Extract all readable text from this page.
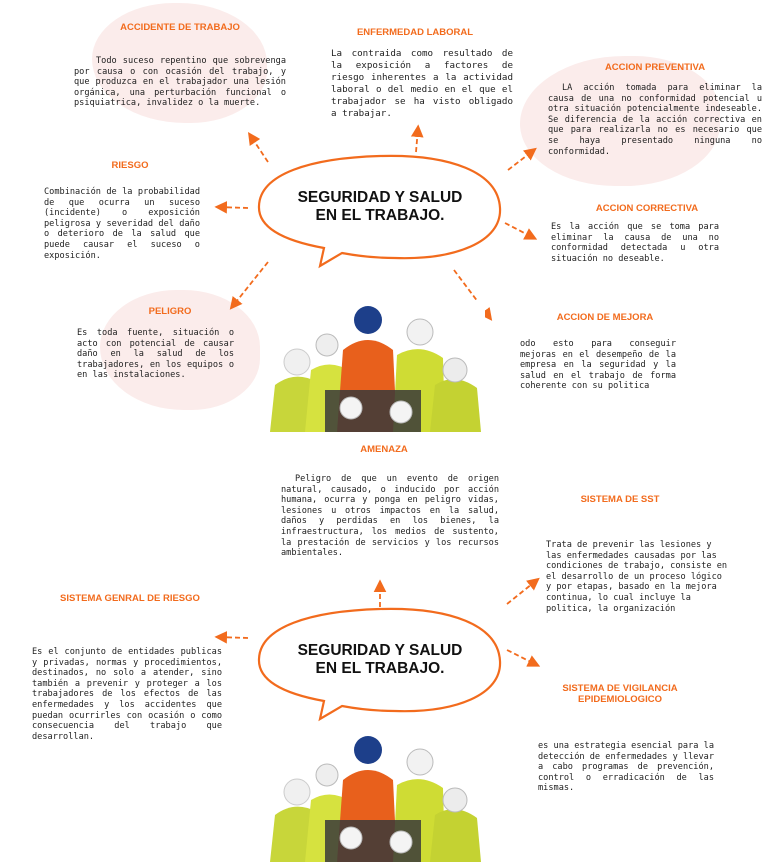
SEGURIDAD Y SALUD
EN EL TRABAJO.
ACCIDENTE DE TRABAJO

Todo suceso repentino que sobrevenga por causa o con ocasión del trabajo, y que produzca en el trabajador una lesión orgánica, una perturbación funcional o psiquiatrica, invalidez o la muerte.

ENFERMEDAD LABORAL

La contraida como resultado de la exposición a factores de riesgo inherentes a la actividad laboral o del medio en el que el trabajador se ha visto obligado a trabajar.

ACCION PREVENTIVA

LA acción tomada para eliminar la causa de una no conformidad potencial u otra situación potencialmente indeseable. Se diferencia de la acción correctiva en que para realizarla no es necesario que se haya presentado ninguna no conformidad.

RIESGO

Combinación de la probabilidad de que ocurra un suceso (incidente) o exposición peligrosa y severidad del daño o deterioro de la salud que puede causar el suceso o exposición.

ACCION CORRECTIVA

Es la acción que se toma para eliminar la causa de una no conformidad detectada u otra situación no deseable.

PELIGRO

Es toda fuente, situación o acto con potencial de causar daño en la salud de los trabajadores, en los equipos o en las instalaciones.

ACCION DE MEJORA

odo esto para conseguir mejoras en el desempeño de la empresa en la seguridad y la salud en el trabajo de forma coherente con su politica

AMENAZA

Peligro de que un evento de origen natural, causado, o inducido por acción humana, ocurra y ponga en peligro vidas, lesiones u otros impactos en la salud, daños y perdidas en los bienes, la infraestructura, los medios de sustento, la prestación de servicios y los recursos ambientales.

SISTEMA DE SST

Trata de prevenir las lesiones y las enfermedades causadas por las condiciones de trabajo, consiste en el desarrollo de un proceso lógico y por etapas, basado en la mejora continua, lo cual incluye la politica, la organización

SISTEMA GENRAL DE RIESGO

Es el conjunto de entidades publicas y privadas, normas y procedimientos, destinados, no solo a atender, sino también a prevenir y proteger a los trabajadores de los efectos de las enfermedades y los accidentes que puedan ocurrirles con ocasión o como consecuencia del trabajo que desarrollan.

SEGURIDAD Y SALUD
EN EL TRABAJO.
SISTEMA DE VIGILANCIA
EPIDEMIOLOGICO

es una estrategia esencial para la detección de enfermedades y llevar a cabo programas de prevención, control o erradicación de las mismas.
